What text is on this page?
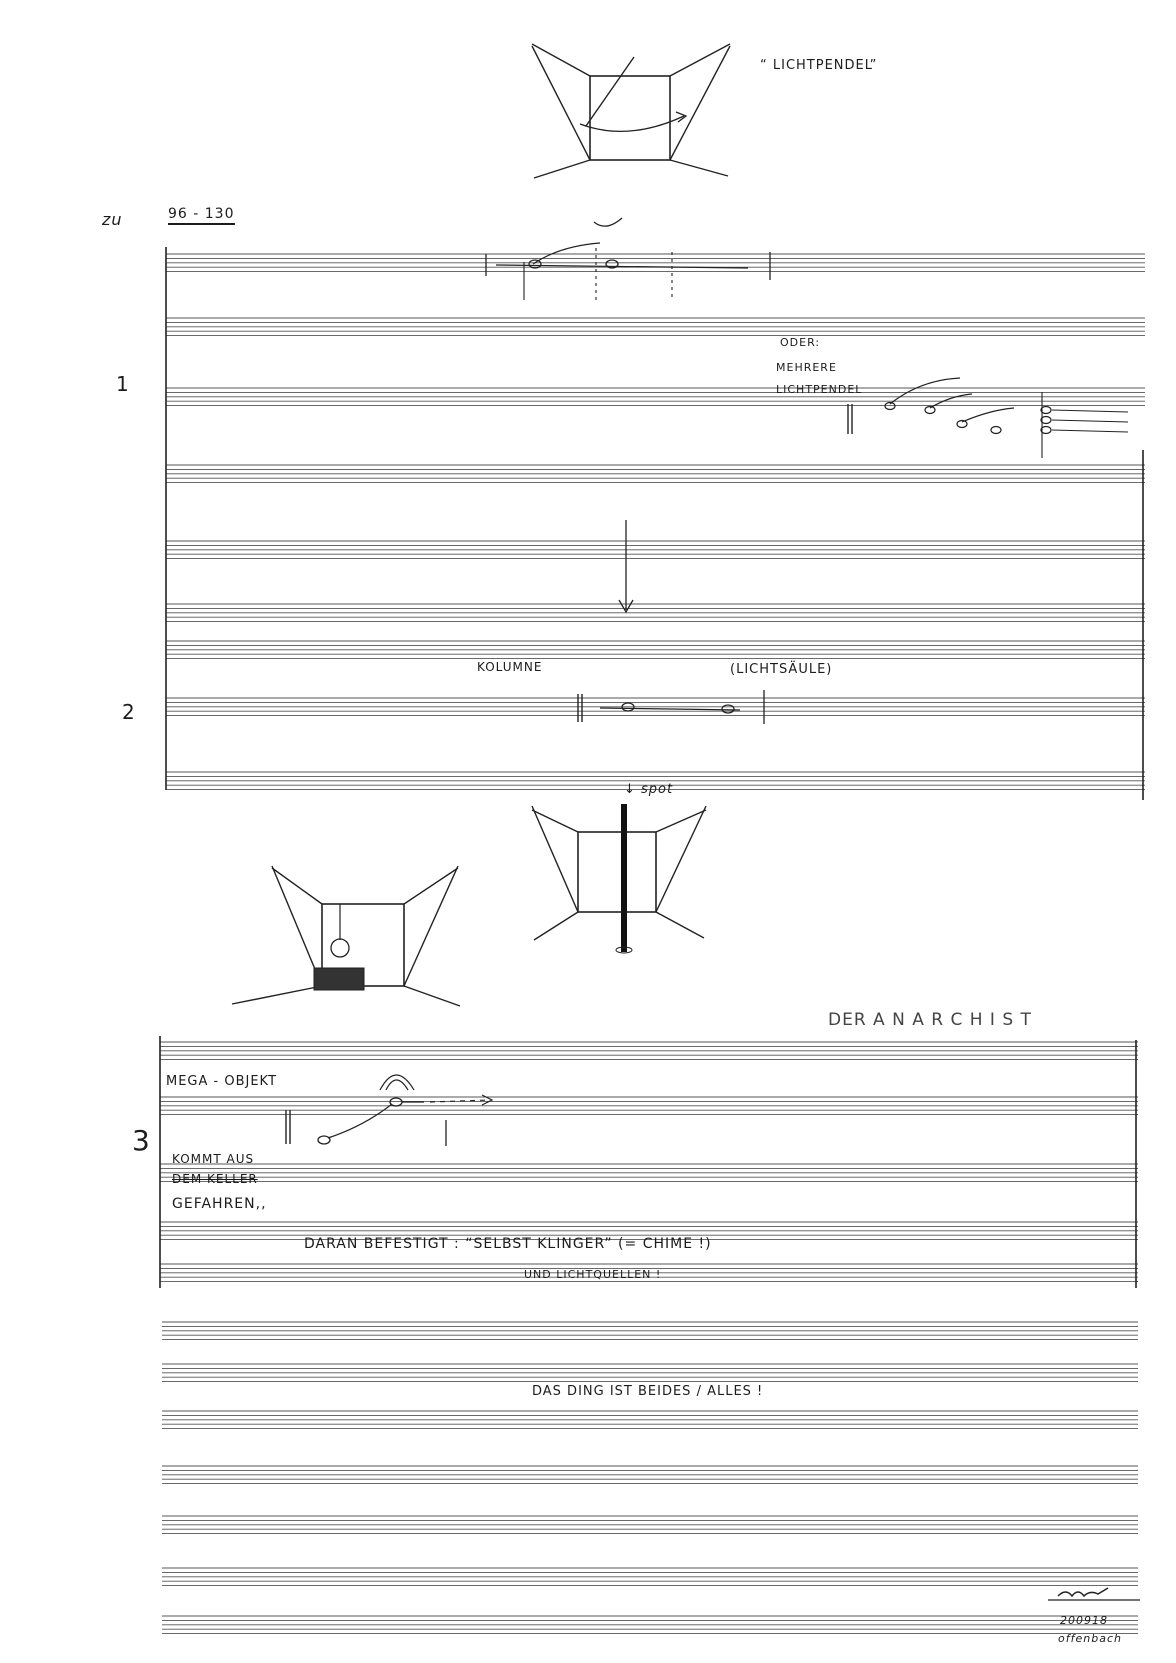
“ LICHTPENDEL”
zu	96 - 130
1
ODER:
MEHRERE
LICHTPENDEL
2
KOLUMNE	(LICHTSÄULE)
↓ spot
DER A N A R C H I S T
3
MEGA - OBJEKT
KOMMT AUS
DEM KELLER
GEFAHREN,,
DARAN BEFESTIGT : “SELBST KLINGER” (= CHIME !)
UND LICHTQUELLEN !
DAS DING IST BEIDES / ALLES !
200918
offenbach
